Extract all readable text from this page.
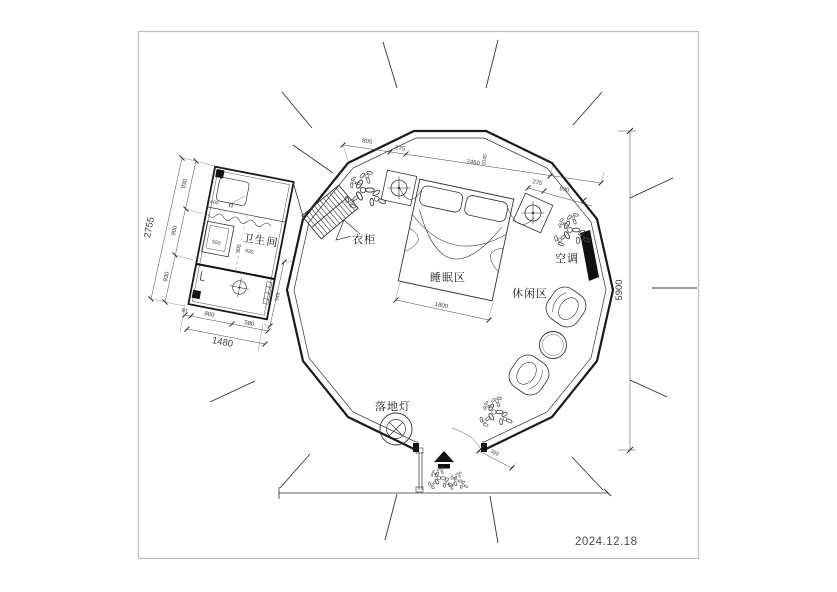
805
275
2460 1045
275
690
930
900
930
2755
90
800
580
1480
945
400
550
900 930
1800
5900
360
卫生间	衣柜
睡眠区
休闲区
空调
落地灯
2024.12.18
